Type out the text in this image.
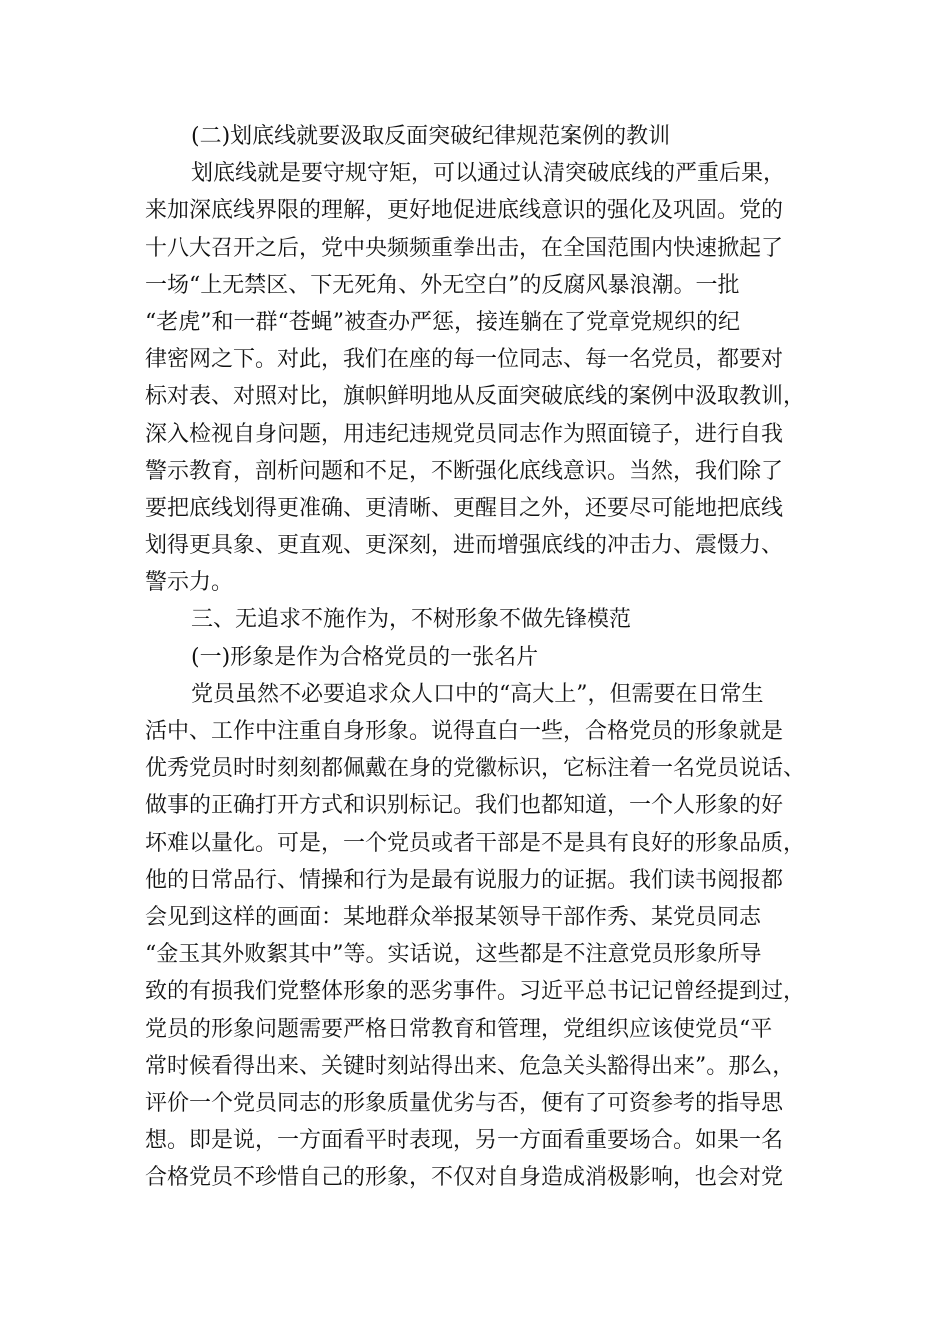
(二)划底线就要汲取反面突破纪律规范案例的教训
划底线就是要守规守矩，可以通过认清突破底线的严重后果，
来加深底线界限的理解，更好地促进底线意识的强化及巩固。党的
十八大召开之后，党中央频频重拳出击，在全国范围内快速掀起了
一场“上无禁区、下无死角、外无空白”的反腐风暴浪潮。一批
“老虎”和一群“苍蝇”被查办严惩，接连躺在了党章党规织的纪
律密网之下。对此，我们在座的每一位同志、每一名党员，都要对
标对表、对照对比，旗帜鲜明地从反面突破底线的案例中汲取教训，
深入检视自身问题，用违纪违规党员同志作为照面镜子，进行自我
警示教育，剖析问题和不足，不断强化底线意识。当然，我们除了
要把底线划得更准确、更清晰、更醒目之外，还要尽可能地把底线
划得更具象、更直观、更深刻，进而增强底线的冲击力、震慑力、
警示力。
三、无追求不施作为，不树形象不做先锋模范
(一)形象是作为合格党员的一张名片
党员虽然不必要追求众人口中的“高大上”，但需要在日常生
活中、工作中注重自身形象。说得直白一些，合格党员的形象就是
优秀党员时时刻刻都佩戴在身的党徽标识，它标注着一名党员说话、
做事的正确打开方式和识别标记。我们也都知道，一个人形象的好
坏难以量化。可是，一个党员或者干部是不是具有良好的形象品质，
他的日常品行、情操和行为是最有说服力的证据。我们读书阅报都
会见到这样的画面：某地群众举报某领导干部作秀、某党员同志
“金玉其外败絮其中”等。实话说，这些都是不注意党员形象所导
致的有损我们党整体形象的恶劣事件。习近平总书记记曾经提到过，
党员的形象问题需要严格日常教育和管理，党组织应该使党员“平
常时候看得出来、关键时刻站得出来、危急关头豁得出来”。那么，
评价一个党员同志的形象质量优劣与否，便有了可资参考的指导思
想。即是说，一方面看平时表现，另一方面看重要场合。如果一名
合格党员不珍惜自己的形象，不仅对自身造成消极影响，也会对党
